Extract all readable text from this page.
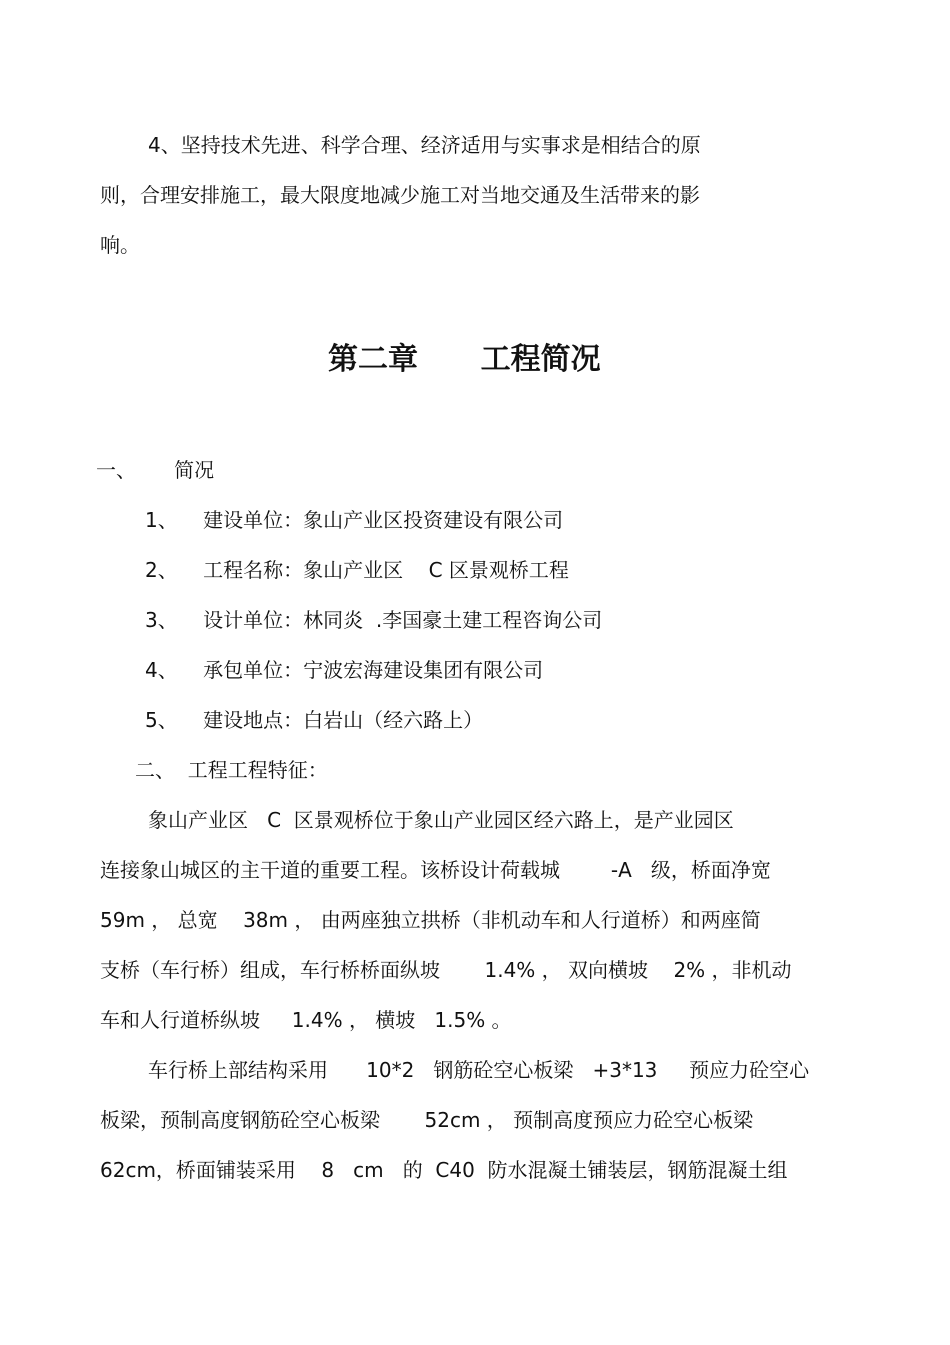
4、坚持技术先进、科学合理、经济适用与实事求是相结合的原

则，合理安排施工，最大限度地减少施工对当地交通及生活带来的影

响。

第二章      工程简况

一、      简况

1、    建设单位：象山产业区投资建设有限公司

2、    工程名称：象山产业区    C 区景观桥工程

3、    设计单位：林同炎  .李国豪土建工程咨询公司

4、    承包单位：宁波宏海建设集团有限公司

5、    建设地点：白岩山（经六路上）

二、  工程工程特征：

象山产业区   C  区景观桥位于象山产业园区经六路上，是产业园区

连接象山城区的主干道的重要工程。该桥设计荷载城        -A   级，桥面净宽

59m ， 总宽    38m ， 由两座独立拱桥（非机动车和人行道桥）和两座简

支桥（车行桥）组成，车行桥桥面纵坡       1.4% ， 双向横坡    2% ，非机动

车和人行道桥纵坡     1.4% ， 横坡   1.5% 。

车行桥上部结构采用      10*2   钢筋砼空心板梁   +3*13     预应力砼空心

板梁，预制高度钢筋砼空心板梁       52cm ， 预制高度预应力砼空心板梁

62cm，桥面铺装采用    8   cm   的  C40  防水混凝土铺装层，钢筋混凝土组
